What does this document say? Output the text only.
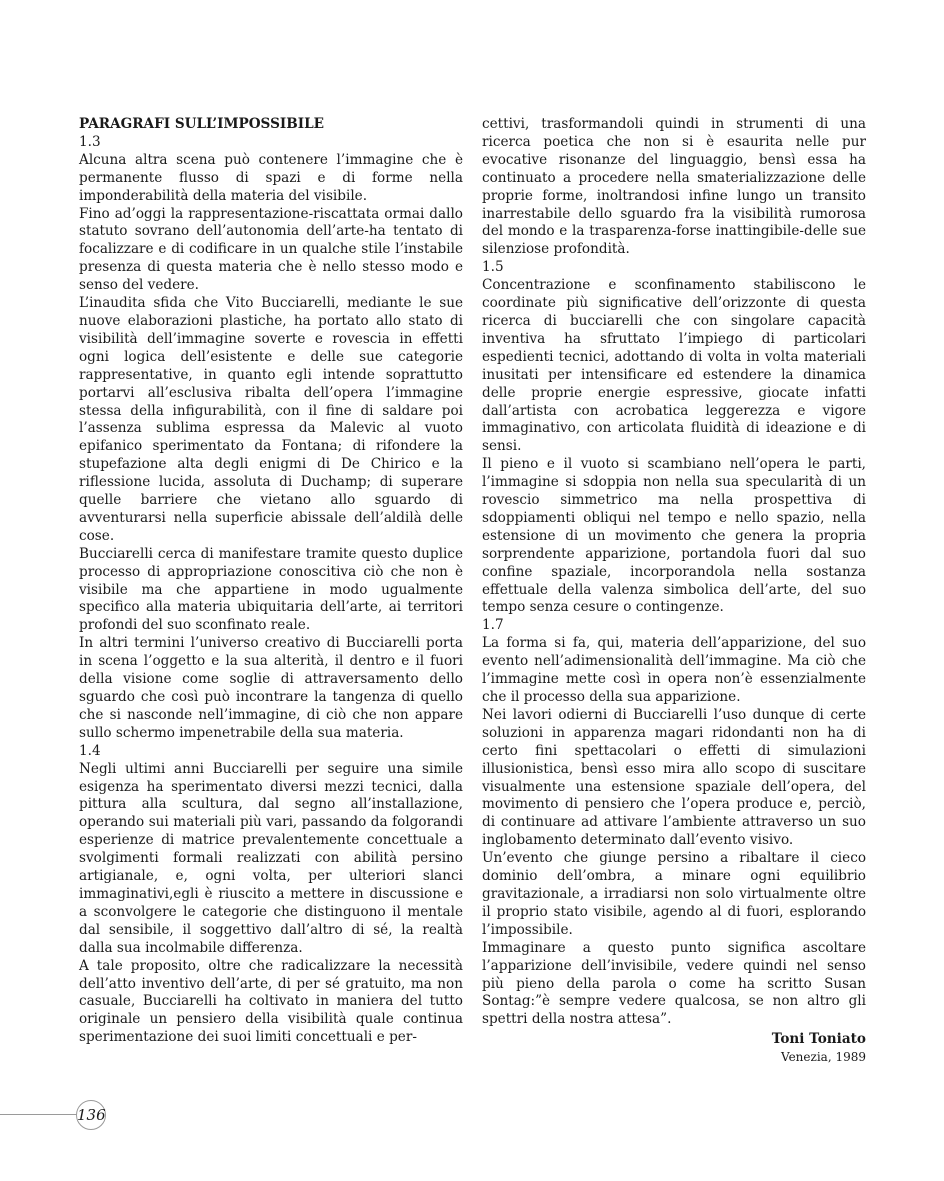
PARAGRAFI SULL’IMPOSSIBILE

1.3

Alcuna altra scena può contenere l’immagine che è permanente flusso di spazi e di forme nella imponderabilità della materia del visibile.

Fino ad’oggi la rappresentazione-riscattata ormai dallo statuto sovrano dell’autonomia dell’arte-ha tentato di focalizzare e di codificare in un qualche stile l’instabile presenza di questa materia che è nello stesso modo e senso del vedere.

L’inaudita sfida che Vito Bucciarelli, mediante le sue nuove elaborazioni plastiche, ha portato allo stato di visibilità dell’immagine soverte e rovescia in effetti ogni logica dell’esistente e delle sue categorie rappresentative, in quanto egli intende soprattutto portarvi all’esclusiva ribalta dell’opera l’immagine stessa della infigurabilità, con il fine di saldare poi l’assenza sublima espressa da Malevic al vuoto epifanico sperimentato da Fontana; di rifondere la stupefazione alta degli enigmi di De Chirico e la riflessione lucida, assoluta di Duchamp; di superare quelle barriere che vietano allo sguardo di avventurarsi nella superficie abissale dell’aldilà delle cose.

Bucciarelli cerca di manifestare tramite questo duplice processo di appropriazione conoscitiva ciò che non è visibile ma che appartiene in modo ugualmente specifico alla materia ubiquitaria dell’arte, ai territori profondi del suo sconfinato reale.

In altri termini l’universo creativo di Bucciarelli porta in scena l’oggetto e la sua alterità, il dentro e il fuori della visione come soglie di attraversamento dello sguardo che così può incontrare la tangenza di quello che si nasconde nell’immagine, di ciò che non appare sullo schermo impenetrabile della sua materia.

1.4

Negli ultimi anni Bucciarelli per seguire una simile esigenza ha sperimentato diversi mezzi tecnici, dalla pittura alla scultura, dal segno all’installazione, operando sui materiali più vari, passando da folgorandi esperienze di matrice prevalentemente concettuale a svolgimenti formali realizzati con abilità persino artigianale, e, ogni volta, per ulteriori slanci immaginativi,egli è riuscito a mettere in discussione e a sconvolgere le categorie che distinguono il mentale dal sensibile, il soggettivo dall’altro di sé, la realtà dalla sua incolmabile differenza.

A tale proposito, oltre che radicalizzare la necessità dell’atto inventivo dell’arte, di per sé gratuito, ma non casuale, Bucciarelli ha coltivato in maniera del tutto originale un pensiero della visibilità quale continua sperimentazione dei suoi limiti concettuali e per-

cettivi, trasformandoli quindi in strumenti di una ricerca poetica che non si è esaurita nelle pur evocative risonanze del linguaggio, bensì essa ha continuato a procedere nella smaterializzazione delle proprie forme, inoltrandosi infine lungo un transito inarrestabile dello sguardo fra la visibilità rumorosa del mondo e la trasparenza-forse inattingibile-delle sue silenziose profondità.

1.5

Concentrazione e sconfinamento stabiliscono le coordinate più significative dell’orizzonte di questa ricerca di bucciarelli che con singolare capacità inventiva ha sfruttato l’impiego di particolari espedienti tecnici, adottando di volta in volta materiali inusitati per intensificare ed estendere la dinamica delle proprie energie espressive, giocate infatti dall’artista con acrobatica leggerezza e vigore immaginativo, con articolata fluidità di ideazione e di sensi.

Il pieno e il vuoto si scambiano nell’opera le parti, l’immagine si sdoppia non nella sua specularità di un rovescio simmetrico ma nella prospettiva di sdoppiamenti obliqui nel tempo e nello spazio, nella estensione di un movimento che genera la propria sorprendente apparizione, portandola fuori dal suo confine spaziale, incorporandola nella sostanza effettuale della valenza simbolica dell’arte, del suo tempo senza cesure o contingenze.

1.7

La forma si fa, qui, materia dell’apparizione, del suo evento nell’adimensionalità dell’immagine. Ma ciò che l’immagine mette così in opera non’è essenzialmente che il processo della sua apparizione.

Nei lavori odierni di Bucciarelli l’uso dunque di certe soluzioni in apparenza magari ridondanti non ha di certo fini spettacolari o effetti di simulazioni illusionistica, bensì esso mira allo scopo di suscitare visualmente una estensione spaziale dell’opera, del movimento di pensiero che l’opera produce e, perciò, di continuare ad attivare l’ambiente attraverso un suo inglobamento determinato dall’evento visivo.

Un’evento che giunge persino a ribaltare il cieco dominio dell’ombra, a minare ogni equilibrio gravitazionale, a irradiarsi non solo virtualmente oltre il proprio stato visibile, agendo al di fuori, esplorando l’impossibile.

Immaginare a questo punto significa ascoltare l’apparizione dell’invisibile, vedere quindi nel senso più pieno della parola o come ha scritto Susan Sontag:”è sempre vedere qualcosa, se non altro gli spettri della nostra attesa”.

Toni Toniato

Venezia, 1989

136
